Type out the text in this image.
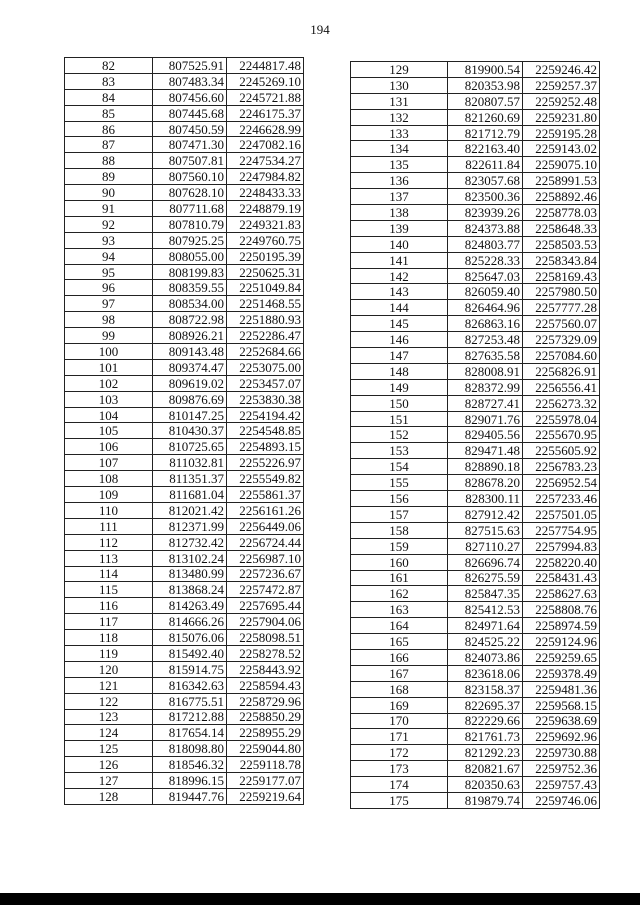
194
82	807525.91	2244817.48
83	807483.34	2245269.10
84	807456.60	2245721.88
85	807445.68	2246175.37
86	807450.59	2246628.99
87	807471.30	2247082.16
88	807507.81	2247534.27
89	807560.10	2247984.82
90	807628.10	2248433.33
91	807711.68	2248879.19
92	807810.79	2249321.83
93	807925.25	2249760.75
94	808055.00	2250195.39
95	808199.83	2250625.31
96	808359.55	2251049.84
97	808534.00	2251468.55
98	808722.98	2251880.93
99	808926.21	2252286.47
100	809143.48	2252684.66
101	809374.47	2253075.00
102	809619.02	2253457.07
103	809876.69	2253830.38
104	810147.25	2254194.42
105	810430.37	2254548.85
106	810725.65	2254893.15
107	811032.81	2255226.97
108	811351.37	2255549.82
109	811681.04	2255861.37
110	812021.42	2256161.26
111	812371.99	2256449.06
112	812732.42	2256724.44
113	813102.24	2256987.10
114	813480.99	2257236.67
115	813868.24	2257472.87
116	814263.49	2257695.44
117	814666.26	2257904.06
118	815076.06	2258098.51
119	815492.40	2258278.52
120	815914.75	2258443.92
121	816342.63	2258594.43
122	816775.51	2258729.96
123	817212.88	2258850.29
124	817654.14	2258955.29
125	818098.80	2259044.80
126	818546.32	2259118.78
127	818996.15	2259177.07
128	819447.76	2259219.64
129	819900.54	2259246.42
130	820353.98	2259257.37
131	820807.57	2259252.48
132	821260.69	2259231.80
133	821712.79	2259195.28
134	822163.40	2259143.02
135	822611.84	2259075.10
136	823057.68	2258991.53
137	823500.36	2258892.46
138	823939.26	2258778.03
139	824373.88	2258648.33
140	824803.77	2258503.53
141	825228.33	2258343.84
142	825647.03	2258169.43
143	826059.40	2257980.50
144	826464.96	2257777.28
145	826863.16	2257560.07
146	827253.48	2257329.09
147	827635.58	2257084.60
148	828008.91	2256826.91
149	828372.99	2256556.41
150	828727.41	2256273.32
151	829071.76	2255978.04
152	829405.56	2255670.95
153	829471.48	2255605.92
154	828890.18	2256783.23
155	828678.20	2256952.54
156	828300.11	2257233.46
157	827912.42	2257501.05
158	827515.63	2257754.95
159	827110.27	2257994.83
160	826696.74	2258220.40
161	826275.59	2258431.43
162	825847.35	2258627.63
163	825412.53	2258808.76
164	824971.64	2258974.59
165	824525.22	2259124.96
166	824073.86	2259259.65
167	823618.06	2259378.49
168	823158.37	2259481.36
169	822695.37	2259568.15
170	822229.66	2259638.69
171	821761.73	2259692.96
172	821292.23	2259730.88
173	820821.67	2259752.36
174	820350.63	2259757.43
175	819879.74	2259746.06
